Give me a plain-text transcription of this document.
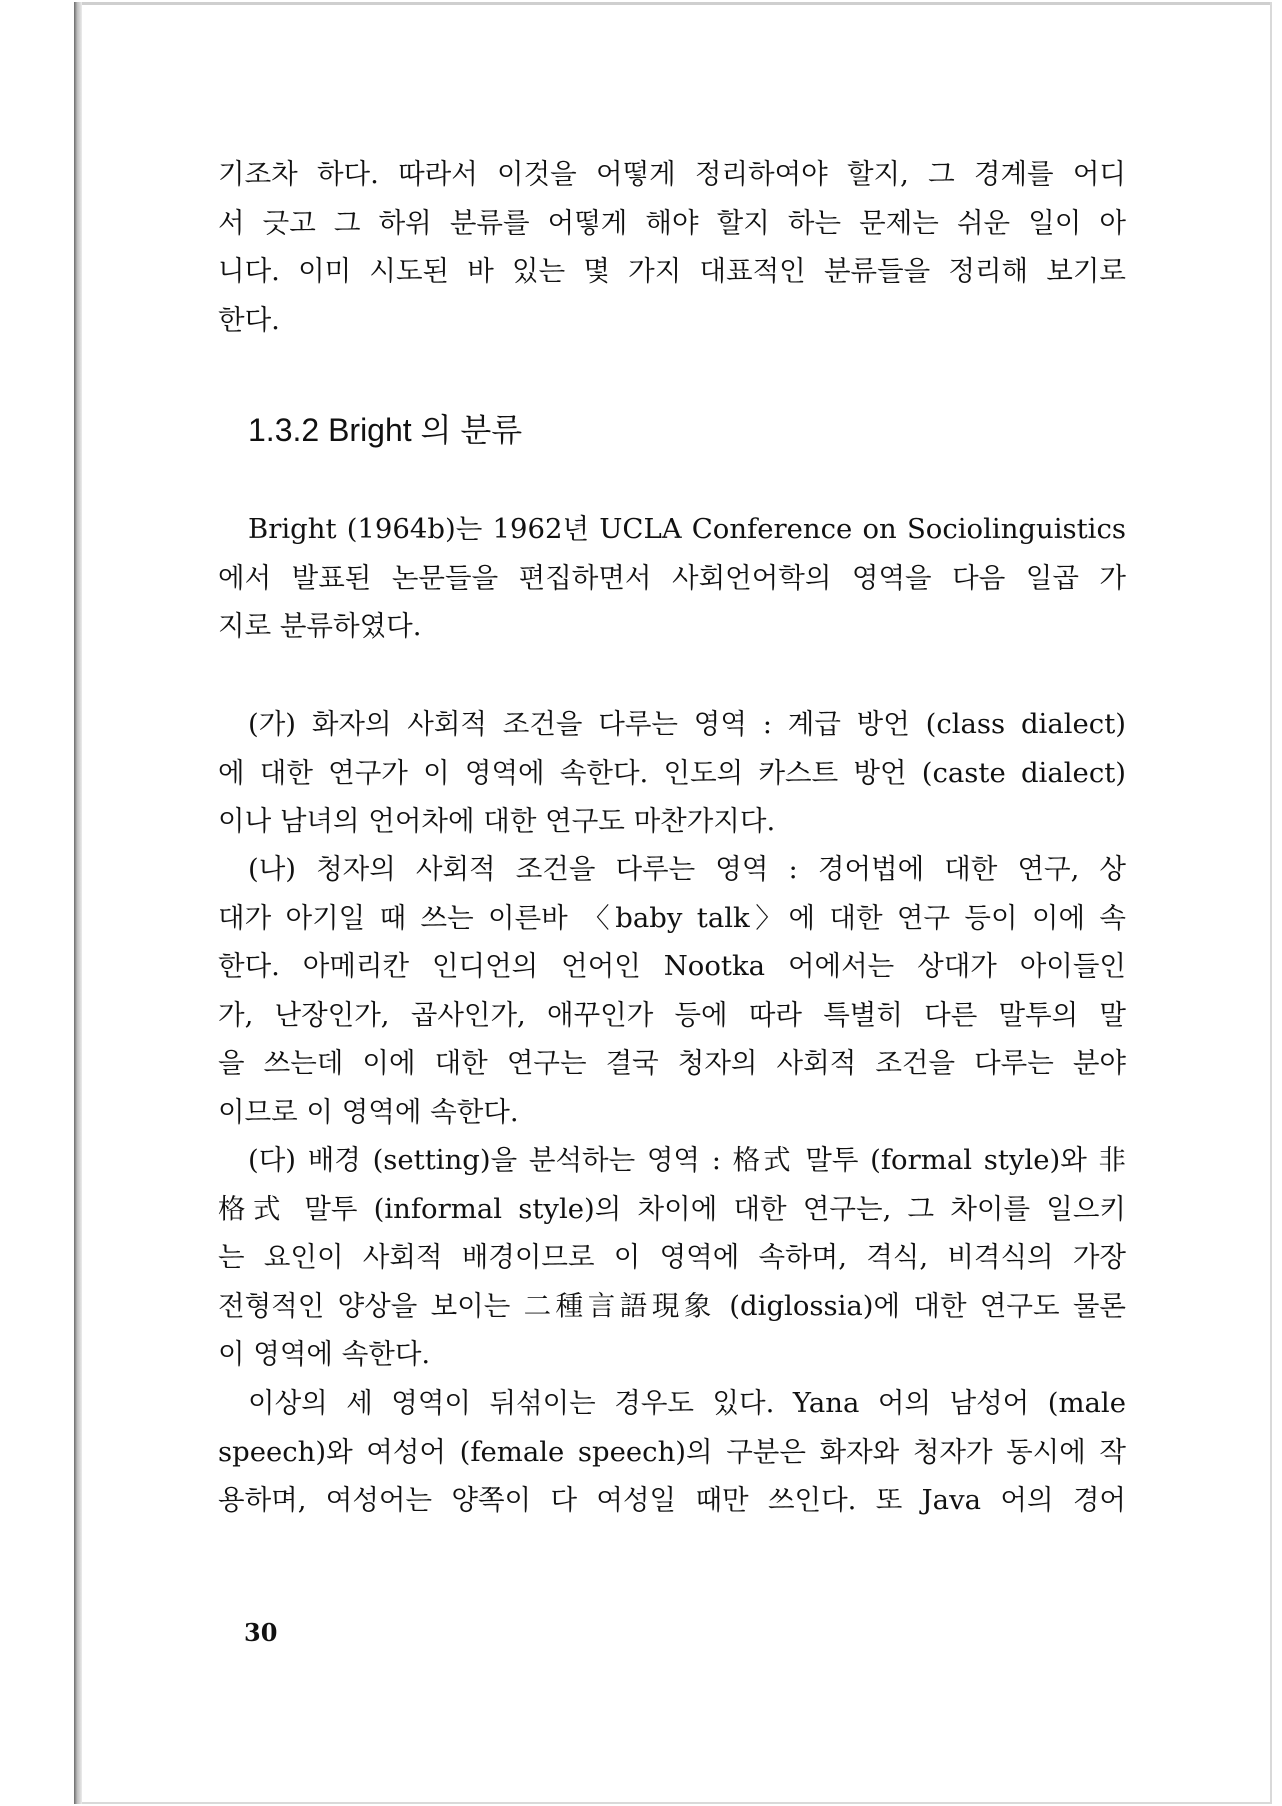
기조차 하다. 따라서 이것을 어떻게 정리하여야 할지, 그 경계를 어디
서 긋고 그 하위 분류를 어떻게 해야 할지 하는 문제는 쉬운 일이 아
니다. 이미 시도된 바 있는 몇 가지 대표적인 분류들을 정리해 보기로
한다.
1.3.2 Bright 의 분류
Bright (1964b)는 1962년 UCLA Conference on Sociolinguistics
에서 발표된 논문들을 편집하면서 사회언어학의 영역을 다음 일곱 가
지로 분류하였다.
(가) 화자의 사회적 조건을 다루는 영역 : 계급 방언 (class dialect)
에 대한 연구가 이 영역에 속한다. 인도의 카스트 방언 (caste dialect)
이나 남녀의 언어차에 대한 연구도 마찬가지다.
(나) 청자의 사회적 조건을 다루는 영역 : 경어법에 대한 연구, 상
대가 아기일 때 쓰는 이른바 〈baby talk〉에 대한 연구 등이 이에 속
한다. 아메리칸 인디언의 언어인 Nootka 어에서는 상대가 아이들인
가, 난장인가, 곱사인가, 애꾸인가 등에 따라 특별히 다른 말투의 말
을 쓰는데 이에 대한 연구는 결국 청자의 사회적 조건을 다루는 분야
이므로 이 영역에 속한다.
(다) 배경 (setting)을 분석하는 영역 : 格式 말투 (formal style)와 非
格式 말투 (informal style)의 차이에 대한 연구는, 그 차이를 일으키
는 요인이 사회적 배경이므로 이 영역에 속하며, 격식, 비격식의 가장
전형적인 양상을 보이는 二種言語現象 (diglossia)에 대한 연구도 물론
이 영역에 속한다.
이상의 세 영역이 뒤섞이는 경우도 있다. Yana 어의 남성어 (male
speech)와 여성어 (female speech)의 구분은 화자와 청자가 동시에 작
용하며, 여성어는 양쪽이 다 여성일 때만 쓰인다. 또 Java 어의 경어
30
